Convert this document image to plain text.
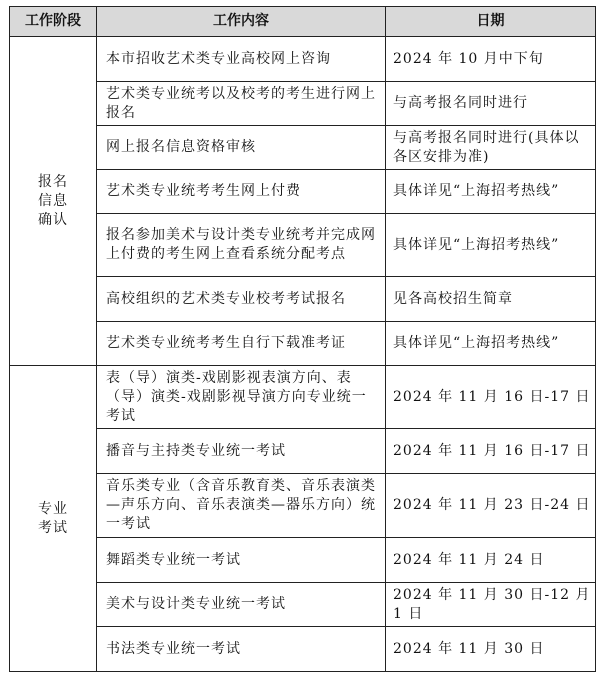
工作阶段	工作内容	日期
报名信息确认	本市招收艺术类专业高校网上咨询	2024 年 10 月中下旬
	艺术类专业统考以及校考的考生进行网上报名	与高考报名同时进行
	网上报名信息资格审核	与高考报名同时进行(具体以各区安排为准)
	艺术类专业统考考生网上付费	具体详见“上海招考热线”
	报名参加美术与设计类专业统考并完成网上付费的考生网上查看系统分配考点	具体详见“上海招考热线”
	高校组织的艺术类专业校考考试报名	见各高校招生简章
	艺术类专业统考考生自行下载准考证	具体详见“上海招考热线”
专业考试	表（导）演类-戏剧影视表演方向、表（导）演类-戏剧影视导演方向专业统一考试	2024 年 11 月 16 日-17 日
	播音与主持类专业统一考试	2024 年 11 月 16 日-17 日
	音乐类专业（含音乐教育类、音乐表演类—声乐方向、音乐表演类—器乐方向）统一考试	2024 年 11 月 23 日-24 日
	舞蹈类专业统一考试	2024 年 11 月 24 日
	美术与设计类专业统一考试	2024 年 11 月 30 日-12 月 1 日
	书法类专业统一考试	2024 年 11 月 30 日
